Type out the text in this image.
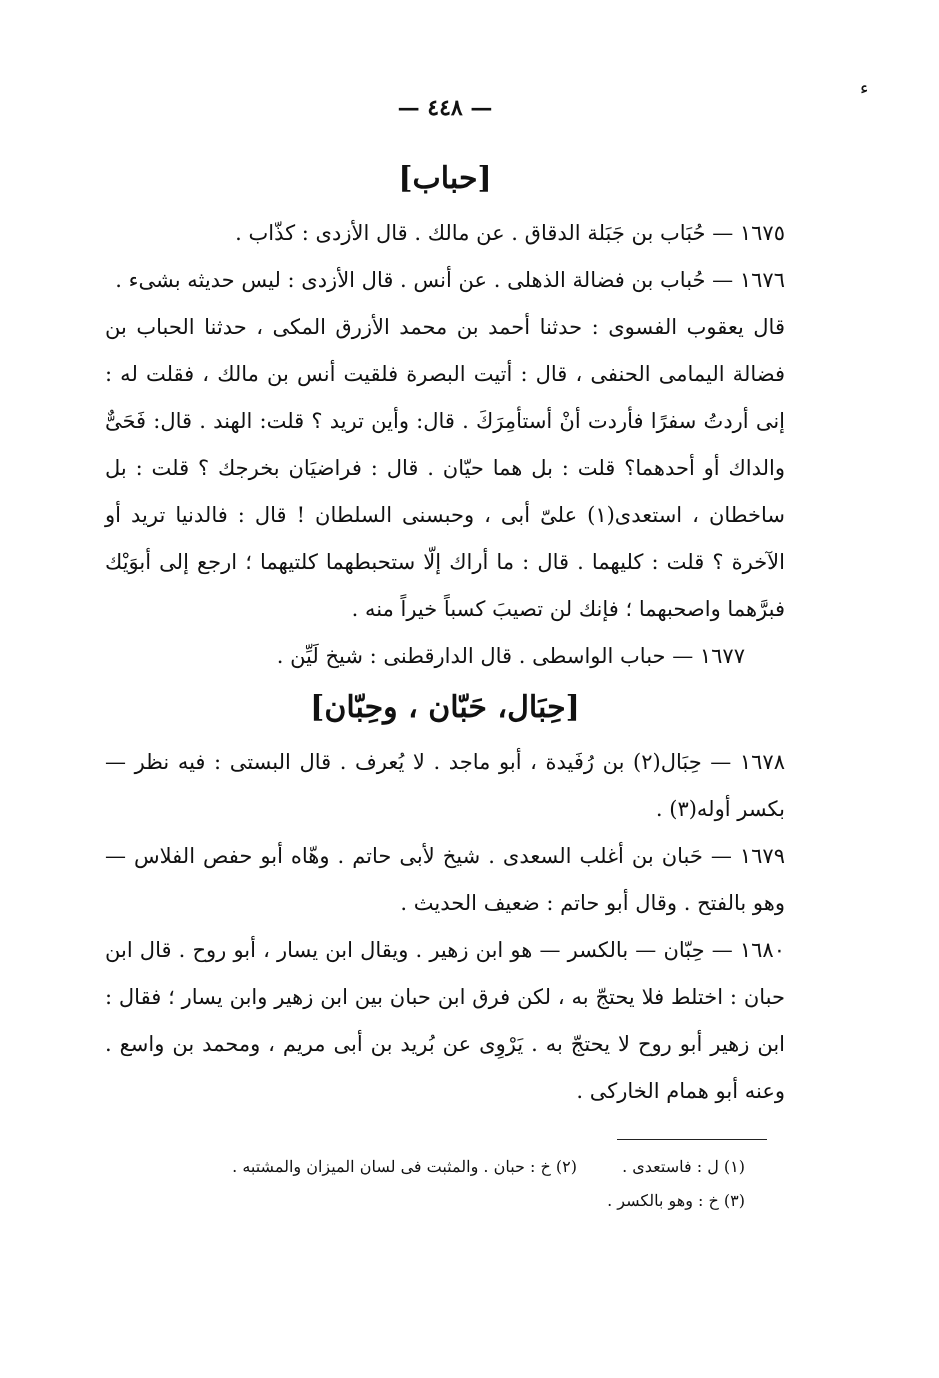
ء
— ٤٤٨ —
[حباب]

١٦٧٥ — حُبَاب بن جَبَلة الدقاق . عن مالك . قال الأزدى : كذّاب .

١٦٧٦ — حُباب بن فضالة الذهلى . عن أنس . قال الأزدى : ليس حديثه بشىء .

قال يعقوب الفسوى : حدثنا أحمد بن محمد الأزرق المكى ، حدثنا الحباب بن فضالة اليمامى الحنفى ، قال : أتيت البصرة فلقيت أنس بن مالك ، فقلت له : إنى أردتُ سفرًا فأردت أنْ أستأمِرَكَ . قال: وأين تريد ؟ قلت: الهند . قال: فَحَىٌّ والداك أو أحدهما؟ قلت : بل هما حيّان . قال : فراضيَان بخرجك ؟ قلت : بل ساخطان ، استعدى(١) علىّ أبى ، وحبسنى السلطان ! قال : فالدنيا تريد أو الآخرة ؟ قلت : كليهما . قال : ما أراك إلّا ستحبطهما كلتيهما ؛ ارجع إلى أبوَيْك فبرَّهما واصحبهما ؛ فإنك لن تصيبَ كسباً خيراً منه .

١٦٧٧ — حباب الواسطى . قال الدارقطنى : شيخ لَيِّن .

[حِبَال، حَبّان ، وحِبّان]

١٦٧٨ — حِبَال(٢) بن رُفَيدة ، أبو ماجد . لا يُعرف . قال البستى : فيه نظر — بكسر أوله(٣) .

١٦٧٩ — حَبان بن أغلب السعدى . شيخ لأبى حاتم . وهّاه أبو حفص الفلاس — وهو بالفتح . وقال أبو حاتم : ضعيف الحديث .

١٦٨٠ — حِبّان — بالكسر — هو ابن زهير . ويقال ابن يسار ، أبو روح . قال ابن حبان : اختلط فلا يحتجّ به ، لكن فرق ابن حبان بين ابن زهير وابن يسار ؛ فقال : ابن زهير أبو روح لا يحتجّ به . يَرْوِى عن بُريد بن أبى مريم ، ومحمد بن واسع . وعنه أبو همام الخارکى .

(١) ل : فاستعدى . (٢) خ : حبان . والمثبت فى لسان الميزان والمشتبه .
(٣) خ : وهو بالكسر .
